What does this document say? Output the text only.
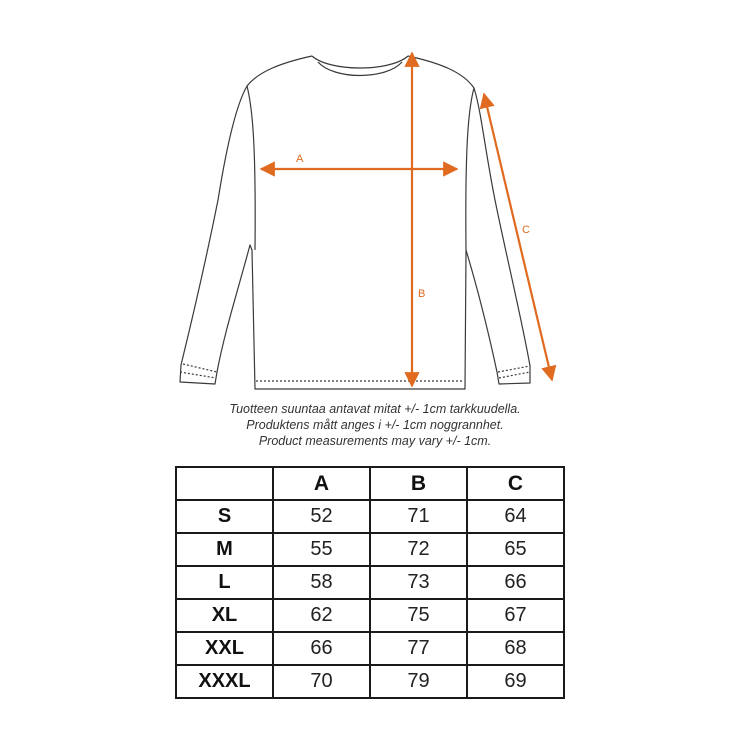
A
B
C
Tuotteen suuntaa antavat mitat +/- 1cm tarkkuudella.
Produktens mått anges i +/- 1cm noggrannhet.
Product measurements may vary +/- 1cm.
	A	B	C
S	52	71	64
M	55	72	65
L	58	73	66
XL	62	75	67
XXL	66	77	68
XXXL	70	79	69
